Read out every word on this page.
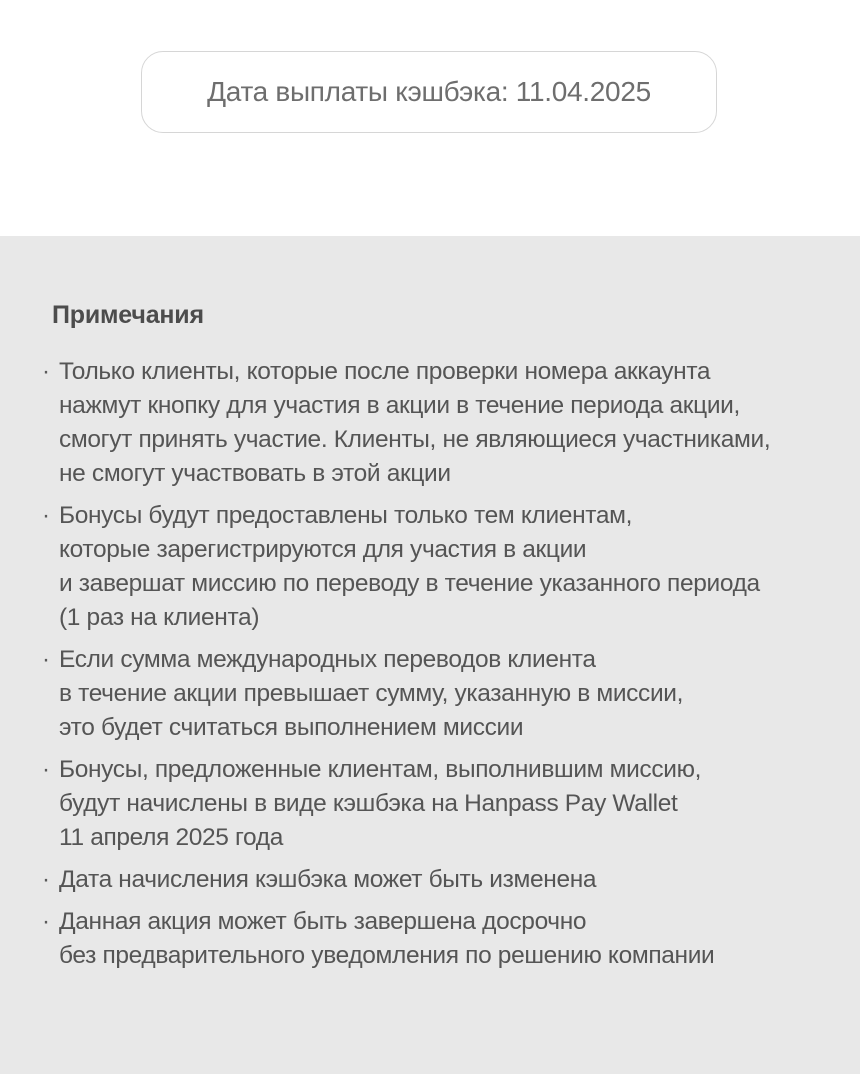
Дата выплаты кэшбэка: 11.04.2025
Примечания
· Только клиенты, которые после проверки номера аккаунта
нажмут кнопку для участия в акции в течение периода акции,
смогут принять участие. Клиенты, не являющиеся участниками,
не смогут участвовать в этой акции
· Бонусы будут предоставлены только тем клиентам,
которые зарегистрируются для участия в акции
и завершат миссию по переводу в течение указанного периода
(1 раз на клиента)
· Если сумма международных переводов клиента
в течение акции превышает сумму, указанную в миссии,
это будет считаться выполнением миссии
· Бонусы, предложенные клиентам, выполнившим миссию,
будут начислены в виде кэшбэка на Hanpass Pay Wallet
11 апреля 2025 года
· Дата начисления кэшбэка может быть изменена
· Данная акция может быть завершена досрочно
без предварительного уведомления по решению компании
